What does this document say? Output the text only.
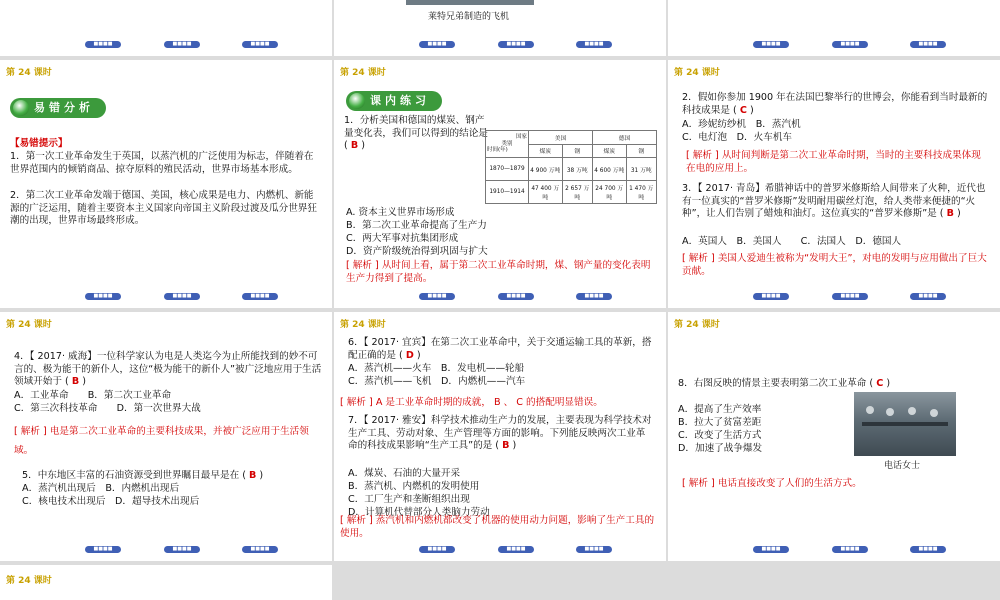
■■■■	■■■■	■■■■
莱特兄弟制造的飞机
■■■■	■■■■	■■■■	■■■■	■■■■	■■■■
第 24 课时
易错分析
【易错提示】
1．第一次工业革命发生于英国，以蒸汽机的广泛使用为标志，伴随着在世界范围内的倾销商品、掠夺原料的殖民活动，世界市场基本形成。
2．第二次工业革命发端于德国、美国，核心成果是电力、内燃机、新能源的广泛运用，随着主要资本主义国家向帝国主义阶段过渡及瓜分世界狂潮的出现，世界市场最终形成。
■■■■	■■■■	■■■■
第 24 课时
课内练习
1．分析美国和德国的煤炭、钢产量变化表，我们可以得到的结论是 ( B )
国家
类别
时间(年)	美国		德国	
	煤炭	钢	煤炭	钢
1870—1879	4 900 万吨	38 万吨	4 600 万吨	31 万吨
1910—1914	47 400 万吨	2 657 万吨	24 700 万吨	1 470 万吨
A. 资本主义世界市场形成
B．第二次工业革命提高了生产力
C．两大军事对抗集团形成
D．资产阶级统治得到巩固与扩大
[ 解析 ] 从时间上看，属于第二次工业革命时期，煤、钢产量的变化表明生产力得到了提高。
■■■■	■■■■	■■■■
第 24 课时
2．假如你参加 1900 年在法国巴黎举行的世博会，你能看到当时最新的科技成果是 ( C )
A．珍妮纺纱机　B．蒸汽机
C．电灯泡　D．火车机车
[ 解析 ] 从时间判断是第二次工业革命时期，当时的主要科技成果体现在电的应用上。
3．【 2017· 青岛】希腊神话中的普罗米修斯给人间带来了火种，近代也有一位真实的“普罗米修斯”发明耐用碳丝灯泡，给人类带来便捷的“火种”，让人们告别了蜡烛和油灯。这位真实的“普罗米修斯”是 ( B )
A．英国人　B．美国人　　C．法国人　D．德国人
[ 解析 ] 美国人爱迪生被称为“发明大王”，对电的发明与应用做出了巨大贡献。
■■■■	■■■■	■■■■
第 24 课时
4．【 2017· 威海】一位科学家认为电是人类迄今为止所能找到的妙不可言的、极为能干的新仆人，这位“极为能干的新仆人”被广泛地应用于生活领域开始于 ( B )
A．工业革命　　B．第二次工业革命
C．第三次科技革命　　D．第一次世界大战
[ 解析 ] 电是第二次工业革命的主要科技成果，并被广泛应用于生活领域。
5．中东地区丰富的石油资源受到世界瞩目最早是在 ( B )
A．蒸汽机出现后　B．内燃机出现后
C．核电技术出现后　D．超导技术出现后
■■■■	■■■■	■■■■
第 24 课时
6．【 2017· 宜宾】在第二次工业革命中，关于交通运输工具的革新，搭配正确的是 ( D )
A．蒸汽机——火车　B．发电机——轮船
C．蒸汽机——飞机　D．内燃机——汽车
[ 解析 ] A 是工业革命时期的成就， B 、 C 的搭配明显错误。
7．【 2017· 雅安】科学技术推动生产力的发展，主要表现为科学技术对生产工具、劳动对象、生产管理等方面的影响。下列能反映两次工业革命的科技成果影响“生产工具”的是 ( B )
A．煤炭、石油的大量开采
B．蒸汽机、内燃机的发明使用
C．工厂生产和垄断组织出现
D．计算机代替部分人类脑力劳动
[ 解析 ] 蒸汽机和内燃机都改变了机器的使用动力问题，影响了生产工具的使用。
■■■■	■■■■	■■■■
第 24 课时
8．右图反映的情景主要表明第二次工业革命 ( C )
A．提高了生产效率
B．拉大了贫富差距
C．改变了生活方式
D．加速了战争爆发
电话女士
[ 解析 ] 电话直接改变了人们的生活方式。
■■■■	■■■■	■■■■
第 24 课时
